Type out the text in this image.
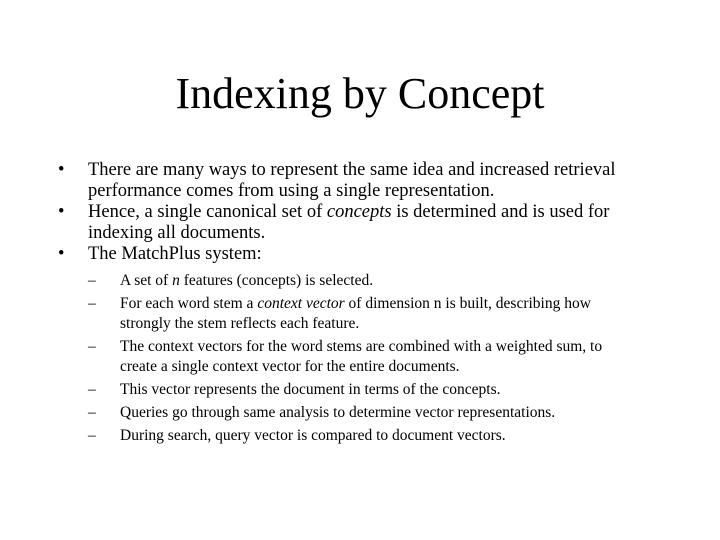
Indexing by Concept
•	There are many ways to represent the same idea and increased retrieval performance comes from using a single representation.
•	Hence, a single canonical set of concepts is determined and is used for indexing all documents.
•	The MatchPlus system:
–	A set of n features (concepts) is selected.
–	For each word stem a context vector of dimension n is built, describing how strongly the stem reflects each feature.
–	The context vectors for the word stems are combined with a weighted sum, to create a single context vector for the entire documents.
–	This vector represents the document in terms of the concepts.
–	Queries go through same analysis to determine vector representations.
–	During search, query vector is compared to document vectors.
